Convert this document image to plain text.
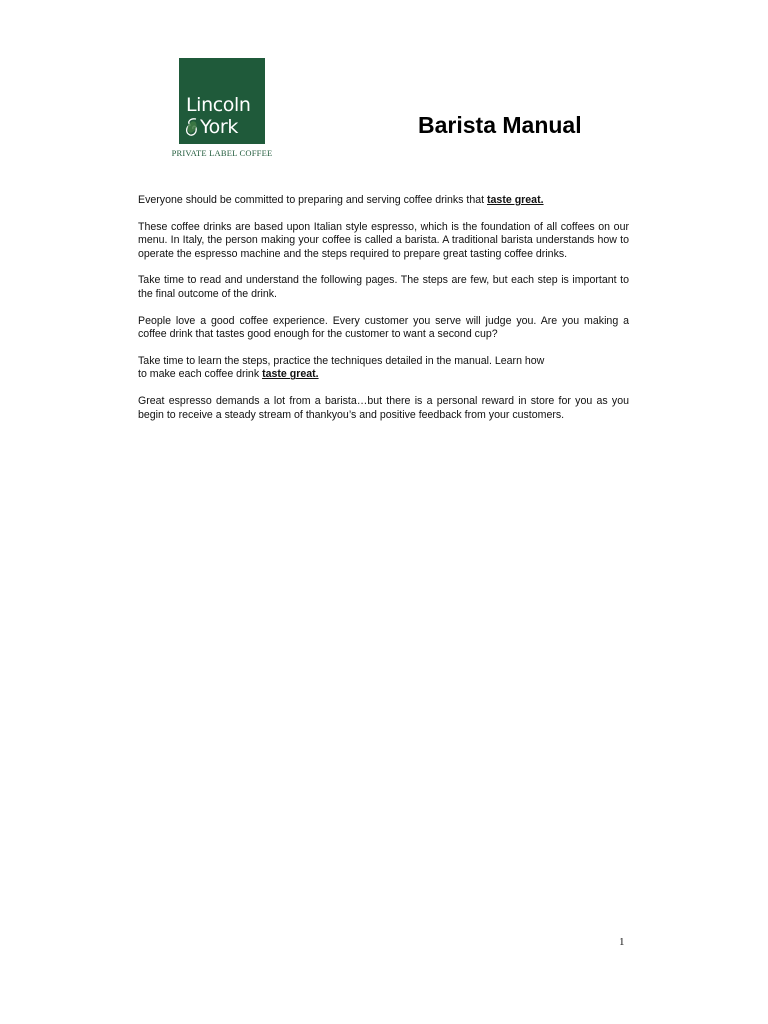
Lincoln
York
PRIVATE LABEL COFFEE
Barista Manual

Everyone should be committed to preparing and serving coffee drinks that taste great.

These coffee drinks are based upon Italian style espresso, which is the foundation of all coffees on our menu. In Italy, the person making your coffee is called a barista. A traditional barista understands how to operate the espresso machine and the steps required to prepare great tasting coffee drinks.

Take time to read and understand the following pages. The steps are few, but each step is important to the final outcome of the drink.

People love a good coffee experience. Every customer you serve will judge you. Are you making a coffee drink that tastes good enough for the customer to want a second cup?

Take time to learn the steps, practice the techniques detailed in the manual. Learn how
to make each coffee drink taste great.

Great espresso demands a lot from a barista…but there is a personal reward in store for you as you begin to receive a steady stream of thankyou’s and positive feedback from your customers.

1
